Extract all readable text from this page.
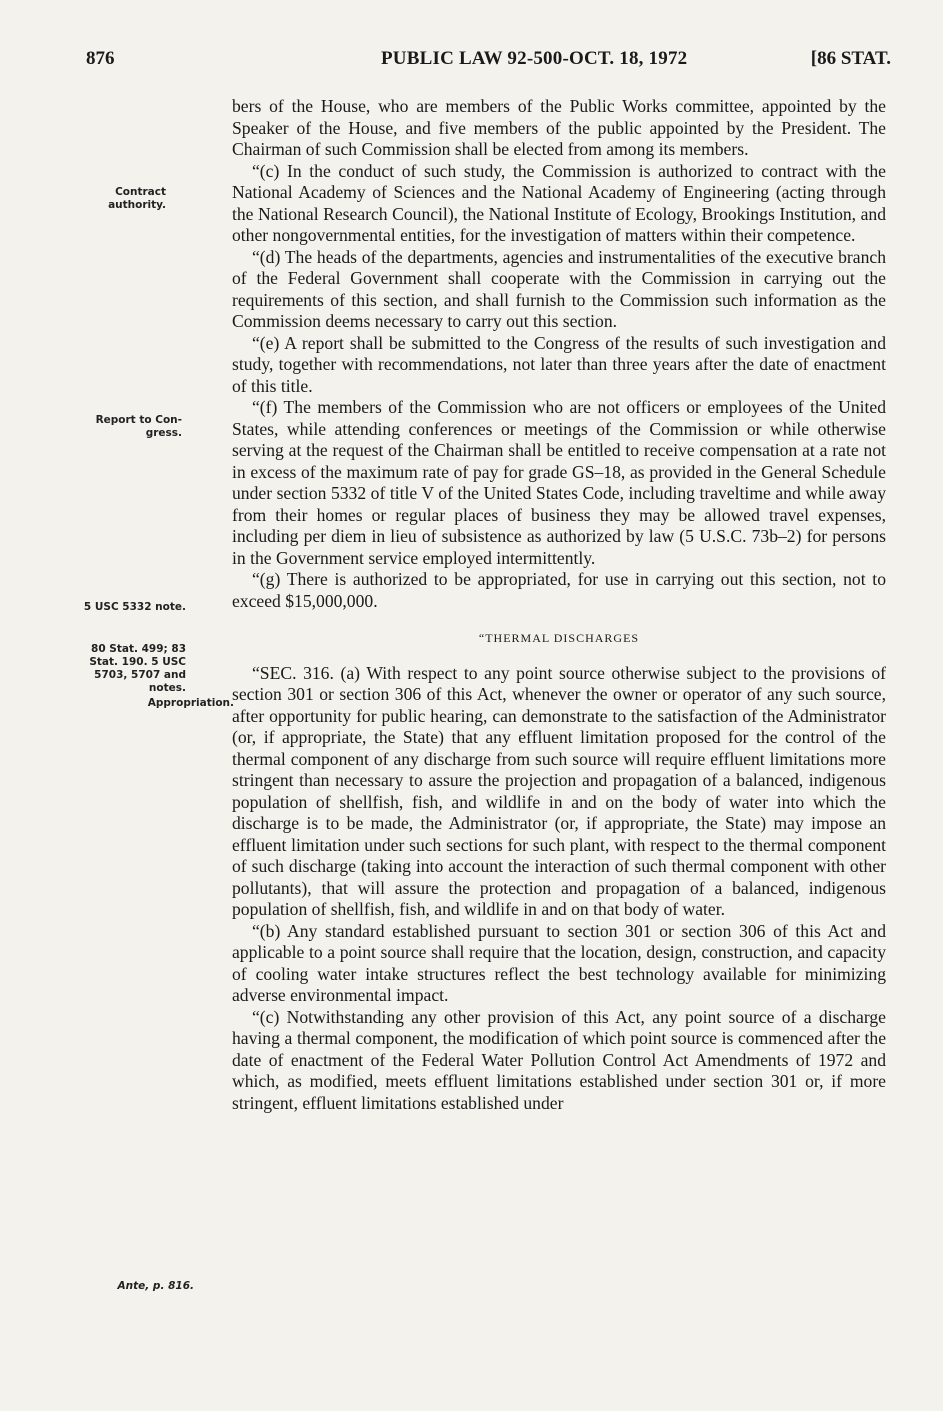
876	PUBLIC LAW 92-500-OCT. 18, 1972	[86 STAT.
Contract authority.
Report to Con-gress.
5 USC 5332 note.
80 Stat. 499; 83 Stat. 190. 5 USC 5703, 5707 and notes.
Appropriation.
Ante, p. 816.

bers of the House, who are members of the Public Works committee, appointed by the Speaker of the House, and five members of the public appointed by the President. The Chairman of such Commission shall be elected from among its members.

“(c) In the conduct of such study, the Commission is authorized to contract with the National Academy of Sciences and the National Academy of Engineering (acting through the National Research Council), the National Institute of Ecology, Brookings Institution, and other nongovernmental entities, for the investigation of matters within their competence.

“(d) The heads of the departments, agencies and instrumentalities of the executive branch of the Federal Government shall cooperate with the Commission in carrying out the requirements of this section, and shall furnish to the Commission such information as the Commission deems necessary to carry out this section.

“(e) A report shall be submitted to the Congress of the results of such investigation and study, together with recommendations, not later than three years after the date of enactment of this title.

“(f) The members of the Commission who are not officers or employees of the United States, while attending conferences or meetings of the Commission or while otherwise serving at the request of the Chairman shall be entitled to receive compensation at a rate not in excess of the maximum rate of pay for grade GS–18, as provided in the General Schedule under section 5332 of title V of the United States Code, including traveltime and while away from their homes or regular places of business they may be allowed travel expenses, including per diem in lieu of subsistence as authorized by law (5 U.S.C. 73b–2) for persons in the Government service employed intermittently.

“(g) There is authorized to be appropriated, for use in carrying out this section, not to exceed $15,000,000.

“THERMAL DISCHARGES

“SEC. 316. (a) With respect to any point source otherwise subject to the provisions of section 301 or section 306 of this Act, whenever the owner or operator of any such source, after opportunity for public hearing, can demonstrate to the satisfaction of the Administrator (or, if appropriate, the State) that any effluent limitation proposed for the control of the thermal component of any discharge from such source will require effluent limitations more stringent than necessary to assure the projection and propagation of a balanced, indigenous population of shellfish, fish, and wildlife in and on the body of water into which the discharge is to be made, the Administrator (or, if appropriate, the State) may impose an effluent limitation under such sections for such plant, with respect to the thermal component of such discharge (taking into account the interaction of such thermal component with other pollutants), that will assure the protection and propagation of a balanced, indigenous population of shellfish, fish, and wildlife in and on that body of water.

“(b) Any standard established pursuant to section 301 or section 306 of this Act and applicable to a point source shall require that the location, design, construction, and capacity of cooling water intake structures reflect the best technology available for minimizing adverse environmental impact.

“(c) Notwithstanding any other provision of this Act, any point source of a discharge having a thermal component, the modification of which point source is commenced after the date of enactment of the Federal Water Pollution Control Act Amendments of 1972 and which, as modified, meets effluent limitations established under section 301 or, if more stringent, effluent limitations established under
